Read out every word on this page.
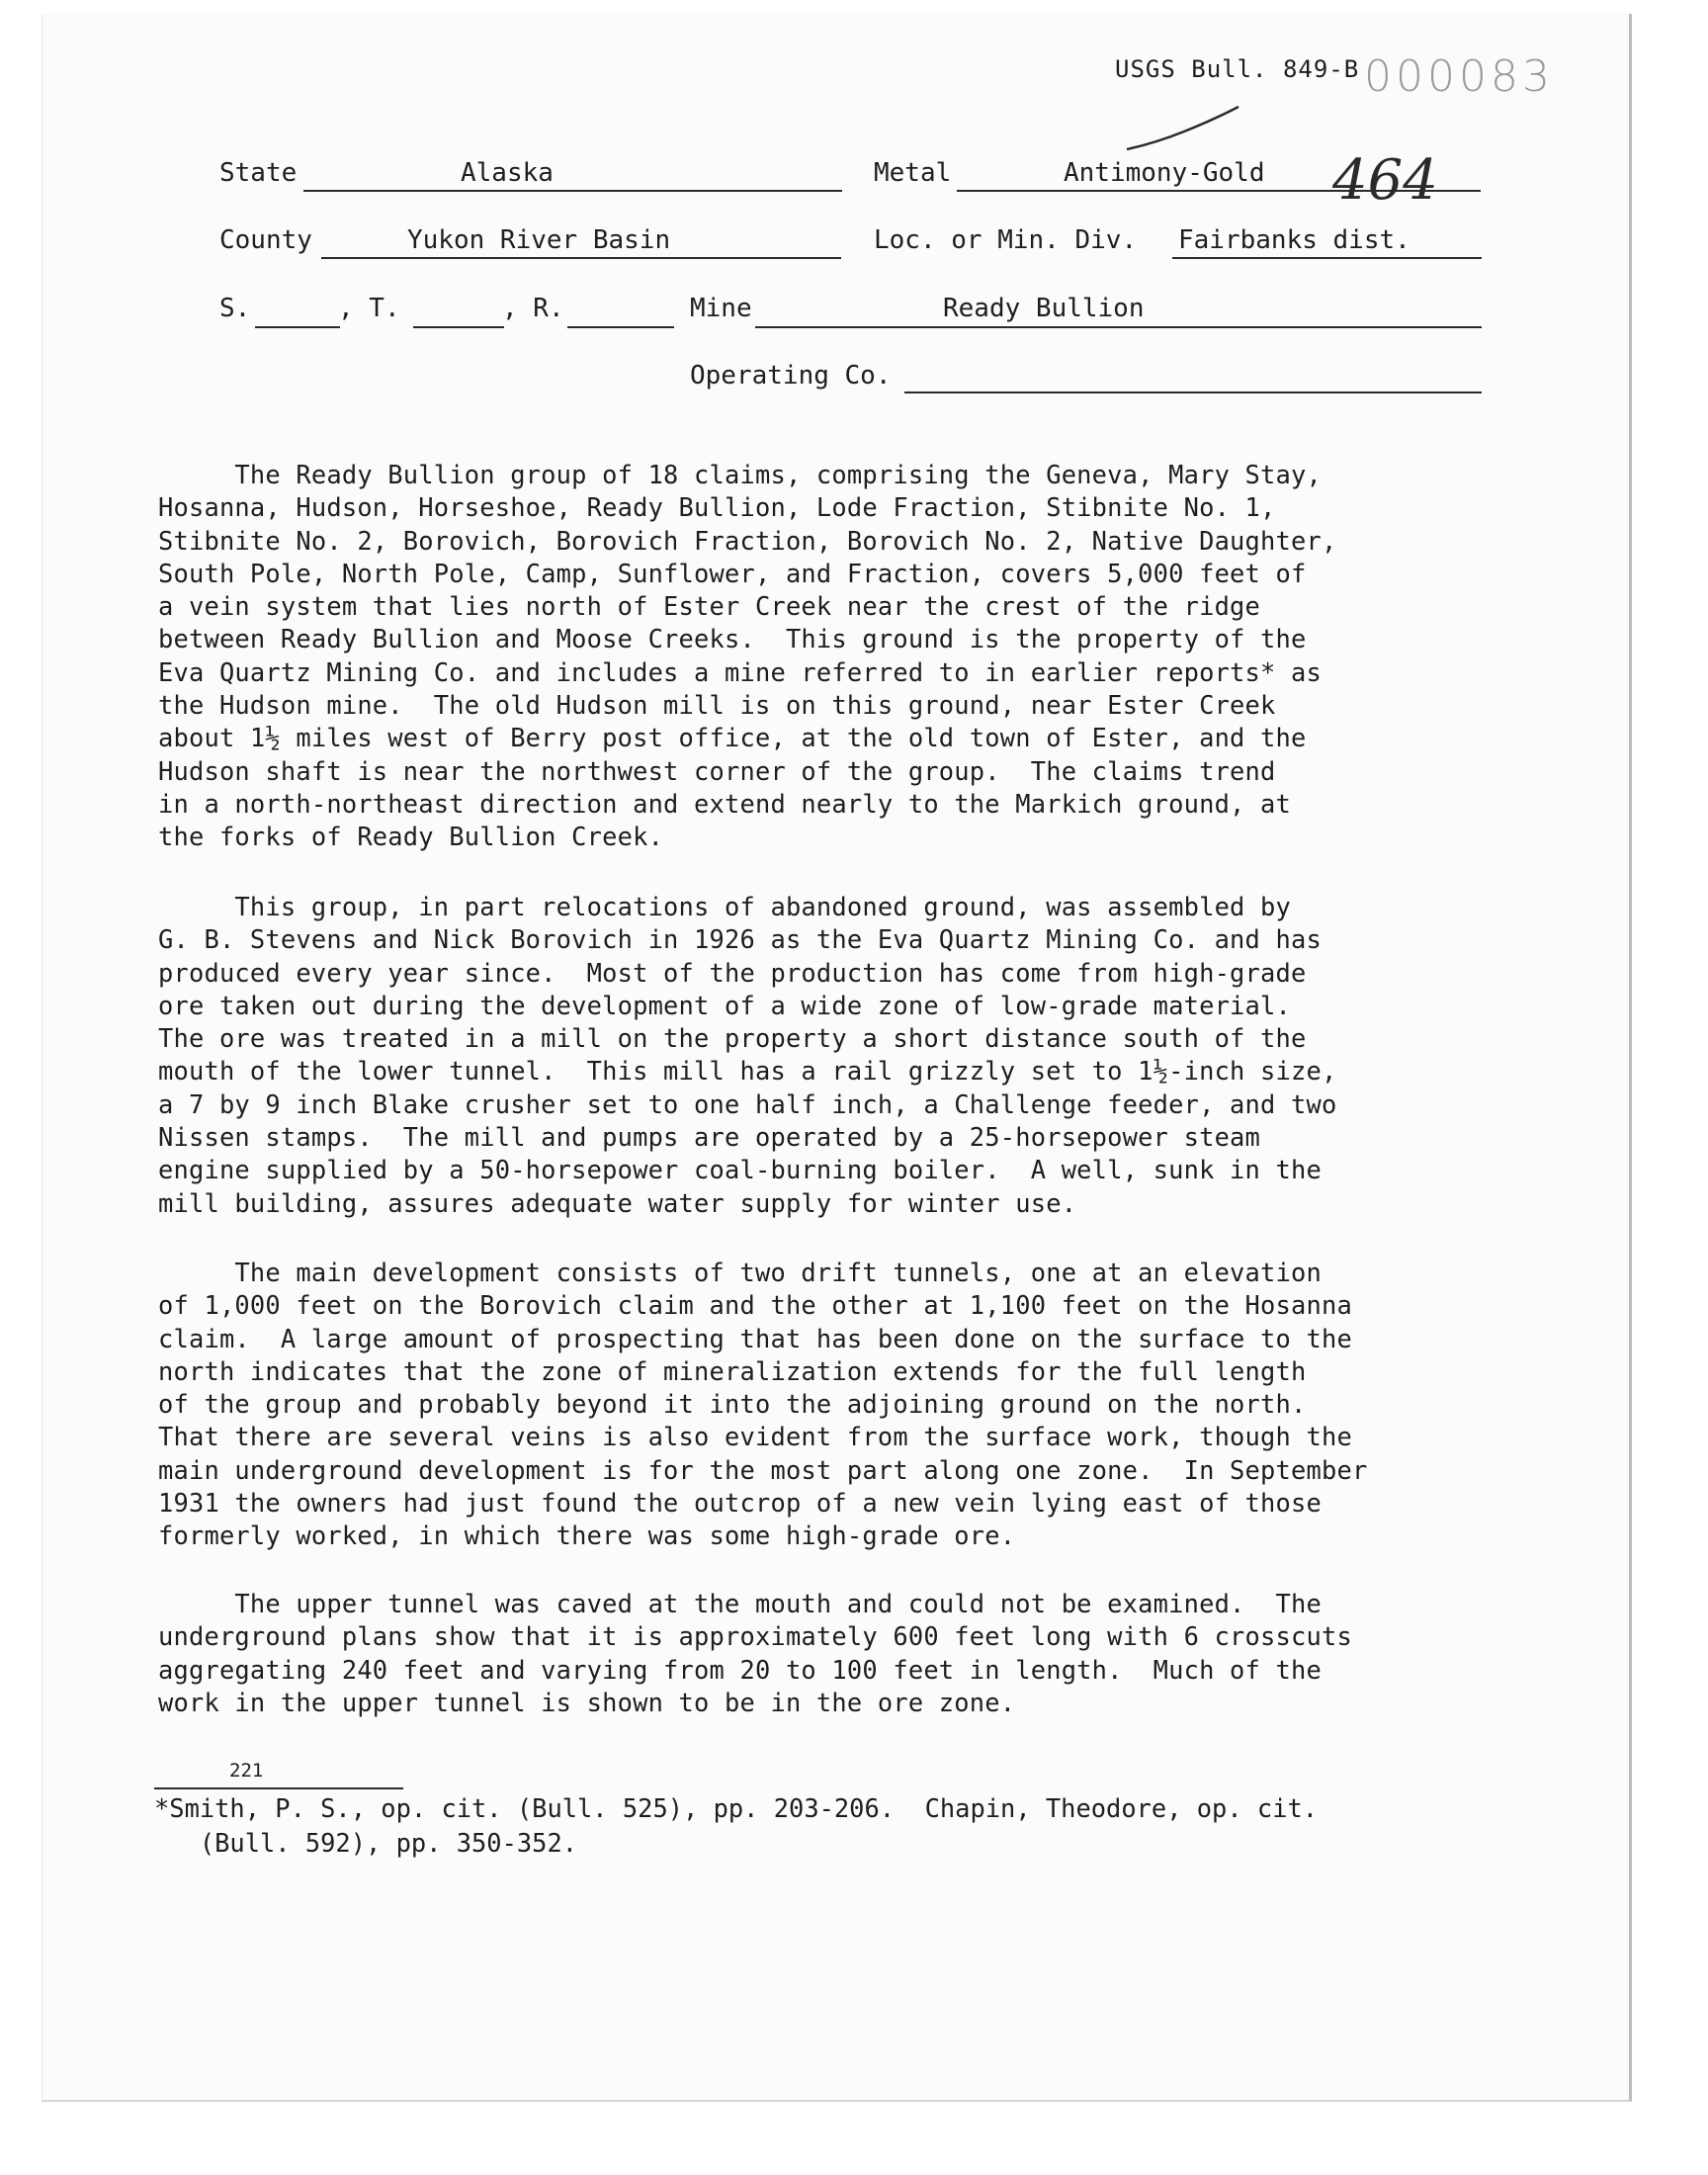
USGS Bull. 849-B 000083
464
State	Alaska	Metal	Antimony-Gold
County	Yukon River Basin	Loc. or Min. Div. Fairbanks dist.
S.	, T.	, R.	Mine	Ready Bullion
Operating Co.
The Ready Bullion group of 18 claims, comprising the Geneva, Mary Stay,
Hosanna, Hudson, Horseshoe, Ready Bullion, Lode Fraction, Stibnite No. 1,
Stibnite No. 2, Borovich, Borovich Fraction, Borovich No. 2, Native Daughter,
South Pole, North Pole, Camp, Sunflower, and Fraction, covers 5,000 feet of
a vein system that lies north of Ester Creek near the crest of the ridge
between Ready Bullion and Moose Creeks.  This ground is the property of the
Eva Quartz Mining Co. and includes a mine referred to in earlier reports* as
the Hudson mine.  The old Hudson mill is on this ground, near Ester Creek
about 1½ miles west of Berry post office, at the old town of Ester, and the
Hudson shaft is near the northwest corner of the group.  The claims trend
in a north-northeast direction and extend nearly to the Markich ground, at
the forks of Ready Bullion Creek.
This group, in part relocations of abandoned ground, was assembled by
G. B. Stevens and Nick Borovich in 1926 as the Eva Quartz Mining Co. and has
produced every year since.  Most of the production has come from high-grade
ore taken out during the development of a wide zone of low-grade material.
The ore was treated in a mill on the property a short distance south of the
mouth of the lower tunnel.  This mill has a rail grizzly set to 1½-inch size,
a 7 by 9 inch Blake crusher set to one half inch, a Challenge feeder, and two
Nissen stamps.  The mill and pumps are operated by a 25-horsepower steam
engine supplied by a 50-horsepower coal-burning boiler.  A well, sunk in the
mill building, assures adequate water supply for winter use.
The main development consists of two drift tunnels, one at an elevation
of 1,000 feet on the Borovich claim and the other at 1,100 feet on the Hosanna
claim.  A large amount of prospecting that has been done on the surface to the
north indicates that the zone of mineralization extends for the full length
of the group and probably beyond it into the adjoining ground on the north.
That there are several veins is also evident from the surface work, though the
main underground development is for the most part along one zone.  In September
1931 the owners had just found the outcrop of a new vein lying east of those
formerly worked, in which there was some high-grade ore.
The upper tunnel was caved at the mouth and could not be examined.  The
underground plans show that it is approximately 600 feet long with 6 crosscuts
aggregating 240 feet and varying from 20 to 100 feet in length.  Much of the
work in the upper tunnel is shown to be in the ore zone.
221
*Smith, P. S., op. cit. (Bull. 525), pp. 203-206.  Chapin, Theodore, op. cit.
(Bull. 592), pp. 350-352.
